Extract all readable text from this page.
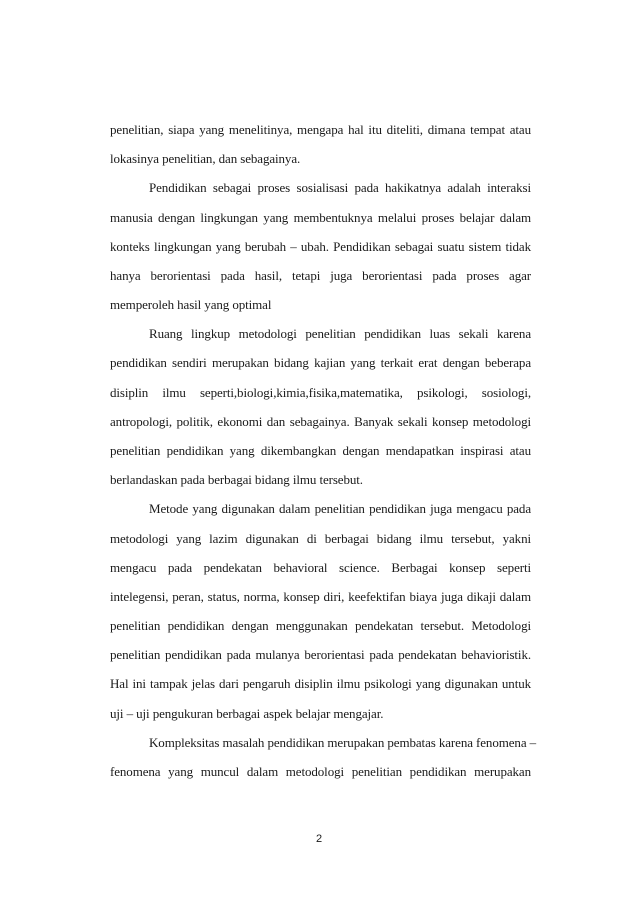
penelitian, siapa yang menelitinya, mengapa hal itu diteliti, dimana tempat atau
lokasinya penelitian, dan sebagainya.
Pendidikan sebagai proses sosialisasi pada hakikatnya adalah interaksi
manusia dengan lingkungan yang membentuknya melalui proses belajar dalam
konteks lingkungan yang berubah – ubah. Pendidikan sebagai suatu sistem tidak
hanya berorientasi pada hasil, tetapi juga berorientasi pada proses agar
memperoleh hasil yang optimal
Ruang lingkup metodologi penelitian pendidikan luas sekali karena
pendidikan sendiri merupakan bidang kajian yang terkait erat dengan beberapa
disiplin ilmu seperti,biologi,kimia,fisika,matematika, psikologi, sosiologi,
antropologi, politik, ekonomi dan sebagainya. Banyak sekali konsep metodologi
penelitian pendidikan yang dikembangkan dengan mendapatkan inspirasi atau
berlandaskan pada berbagai bidang ilmu tersebut.
Metode yang digunakan dalam penelitian pendidikan juga mengacu pada
metodologi yang lazim digunakan di berbagai bidang ilmu tersebut, yakni
mengacu pada pendekatan behavioral science. Berbagai konsep seperti
intelegensi, peran, status, norma, konsep diri, keefektifan biaya juga dikaji dalam
penelitian pendidikan dengan menggunakan pendekatan tersebut. Metodologi
penelitian pendidikan pada mulanya berorientasi pada pendekatan behavioristik.
Hal ini tampak jelas dari pengaruh disiplin ilmu psikologi yang digunakan untuk
uji – uji pengukuran berbagai aspek belajar mengajar.
Kompleksitas masalah pendidikan merupakan pembatas karena fenomena –
fenomena yang muncul dalam metodologi penelitian pendidikan merupakan
2
